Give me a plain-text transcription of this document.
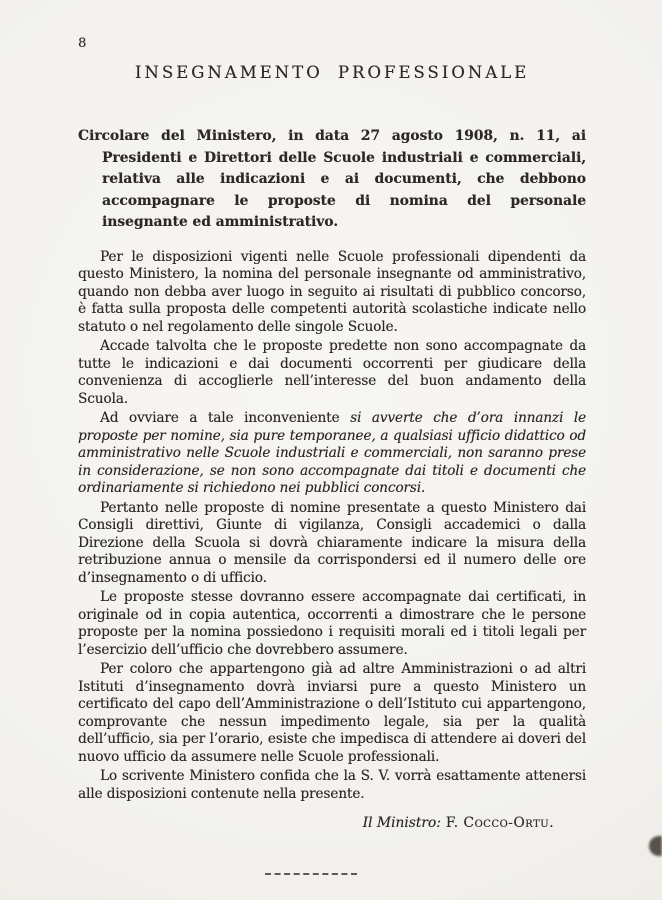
8
INSEGNAMENTO PROFESSIONALE

Circolare del Ministero, in data 27 agosto 1908, n. 11, ai Presidenti e Direttori delle Scuole industriali e commerciali, relativa alle indicazioni e ai documenti, che debbono accompagnare le proposte di nomina del personale insegnante ed amministrativo.

Per le disposizioni vigenti nelle Scuole professionali dipendenti da questo Ministero, la nomina del personale insegnante od amministrativo, quando non debba aver luogo in seguito ai risultati di pubblico concorso, è fatta sulla proposta delle competenti autorità scolastiche indicate nello statuto o nel regolamento delle singole Scuole.

Accade talvolta che le proposte predette non sono accompagnate da tutte le indicazioni e dai documenti occorrenti per giudicare della convenienza di accoglierle nell’interesse del buon andamento della Scuola.

Ad ovviare a tale inconveniente si avverte che d’ora innanzi le proposte per nomine, sia pure temporanee, a qualsiasi ufficio didattico od amministrativo nelle Scuole industriali e commerciali, non saranno prese in considerazione, se non sono accompagnate dai titoli e documenti che ordinariamente si richiedono nei pubblici concorsi.

Pertanto nelle proposte di nomine presentate a questo Ministero dai Consigli direttivi, Giunte di vigilanza, Consigli accademici o dalla Direzione della Scuola si dovrà chiaramente indicare la misura della retribuzione annua o mensile da corrispondersi ed il numero delle ore d’insegnamento o di ufficio.

Le proposte stesse dovranno essere accompagnate dai certificati, in originale od in copia autentica, occorrenti a dimostrare che le persone proposte per la nomina possiedono i requisiti morali ed i titoli legali per l’esercizio dell’ufficio che dovrebbero assumere.

Per coloro che appartengono già ad altre Amministrazioni o ad altri Istituti d’insegnamento dovrà inviarsi pure a questo Ministero un certificato del capo dell’Amministrazione o dell’Istituto cui appartengono, comprovante che nessun impedimento legale, sia per la qualità dell’ufficio, sia per l’orario, esiste che impedisca di attendere ai doveri del nuovo ufficio da assumere nelle Scuole professionali.

Lo scrivente Ministero confida che la S. V. vorrà esattamente attenersi alle disposizioni contenute nella presente.

Il Ministro: F. Cocco-Ortu.
